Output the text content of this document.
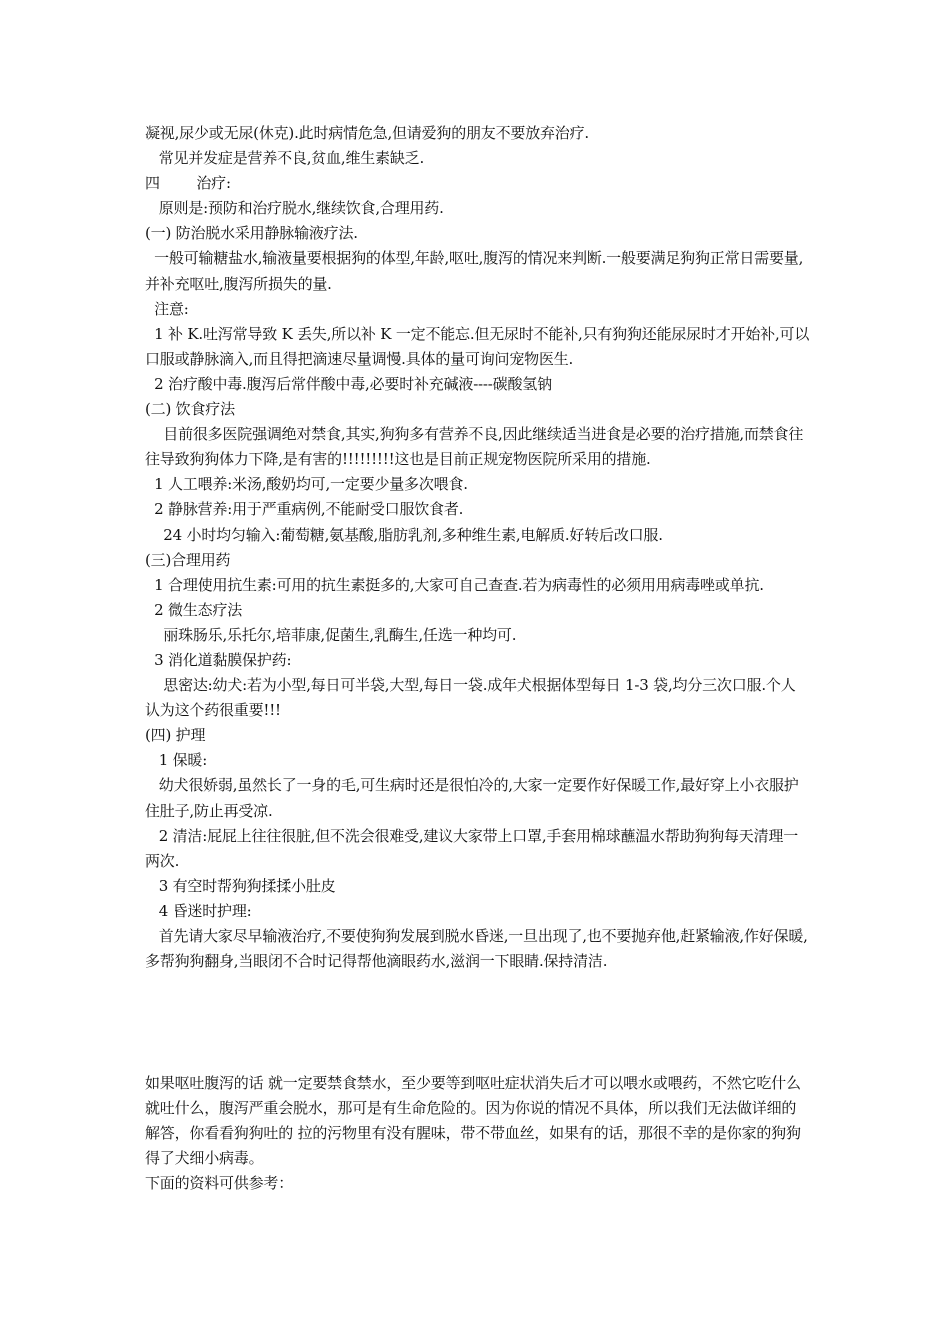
凝视,尿少或无尿(休克).此时病情危急,但请爱狗的朋友不要放弃治疗.

常见并发症是营养不良,贫血,维生素缺乏.

四        治疗:

原则是:预防和治疗脱水,继续饮食,合理用药.

(一) 防治脱水采用静脉输液疗法.

一般可输糖盐水,输液量要根据狗的体型,年龄,呕吐,腹泻的情况来判断.一般要满足狗狗正常日需要量,并补充呕吐,腹泻所损失的量.

注意:

1 补 K.吐泻常导致 K 丢失,所以补 K 一定不能忘.但无尿时不能补,只有狗狗还能尿尿时才开始补,可以口服或静脉滴入,而且得把滴速尽量调慢.具体的量可询问宠物医生.

2 治疗酸中毒.腹泻后常伴酸中毒,必要时补充碱液----碳酸氢钠

(二) 饮食疗法

目前很多医院强调绝对禁食,其实,狗狗多有营养不良,因此继续适当进食是必要的治疗措施,而禁食往往导致狗狗体力下降,是有害的!!!!!!!!!这也是目前正规宠物医院所采用的措施.

1 人工喂养:米汤,酸奶均可,一定要少量多次喂食.

2 静脉营养:用于严重病例,不能耐受口服饮食者.

24 小时均匀输入:葡萄糖,氨基酸,脂肪乳剂,多种维生素,电解质.好转后改口服.

(三)合理用药

1 合理使用抗生素:可用的抗生素挺多的,大家可自己查查.若为病毒性的必须用用病毒唑或单抗.

2 微生态疗法

丽珠肠乐,乐托尔,培菲康,促菌生,乳酶生,任选一种均可.

3 消化道黏膜保护药:

思密达:幼犬:若为小型,每日可半袋,大型,每日一袋.成年犬根据体型每日 1-3 袋,均分三次口服.个人认为这个药很重要!!!

(四) 护理

1 保暖:

幼犬很娇弱,虽然长了一身的毛,可生病时还是很怕冷的,大家一定要作好保暖工作,最好穿上小衣服护住肚子,防止再受凉.

2 清洁:屁屁上往往很脏,但不洗会很难受,建议大家带上口罩,手套用棉球蘸温水帮助狗狗每天清理一两次.

3 有空时帮狗狗揉揉小肚皮

4 昏迷时护理:

首先请大家尽早输液治疗,不要使狗狗发展到脱水昏迷,一旦出现了,也不要抛弃他,赶紧输液,作好保暖,多帮狗狗翻身,当眼闭不合时记得帮他滴眼药水,滋润一下眼睛.保持清洁.

如果呕吐腹泻的话 就一定要禁食禁水，至少要等到呕吐症状消失后才可以喂水或喂药，不然它吃什么就吐什么，腹泻严重会脱水，那可是有生命危险的。因为你说的情况不具体，所以我们无法做详细的解答，你看看狗狗吐的 拉的污物里有没有腥味，带不带血丝，如果有的话，那很不幸的是你家的狗狗得了犬细小病毒。

下面的资料可供参考：
